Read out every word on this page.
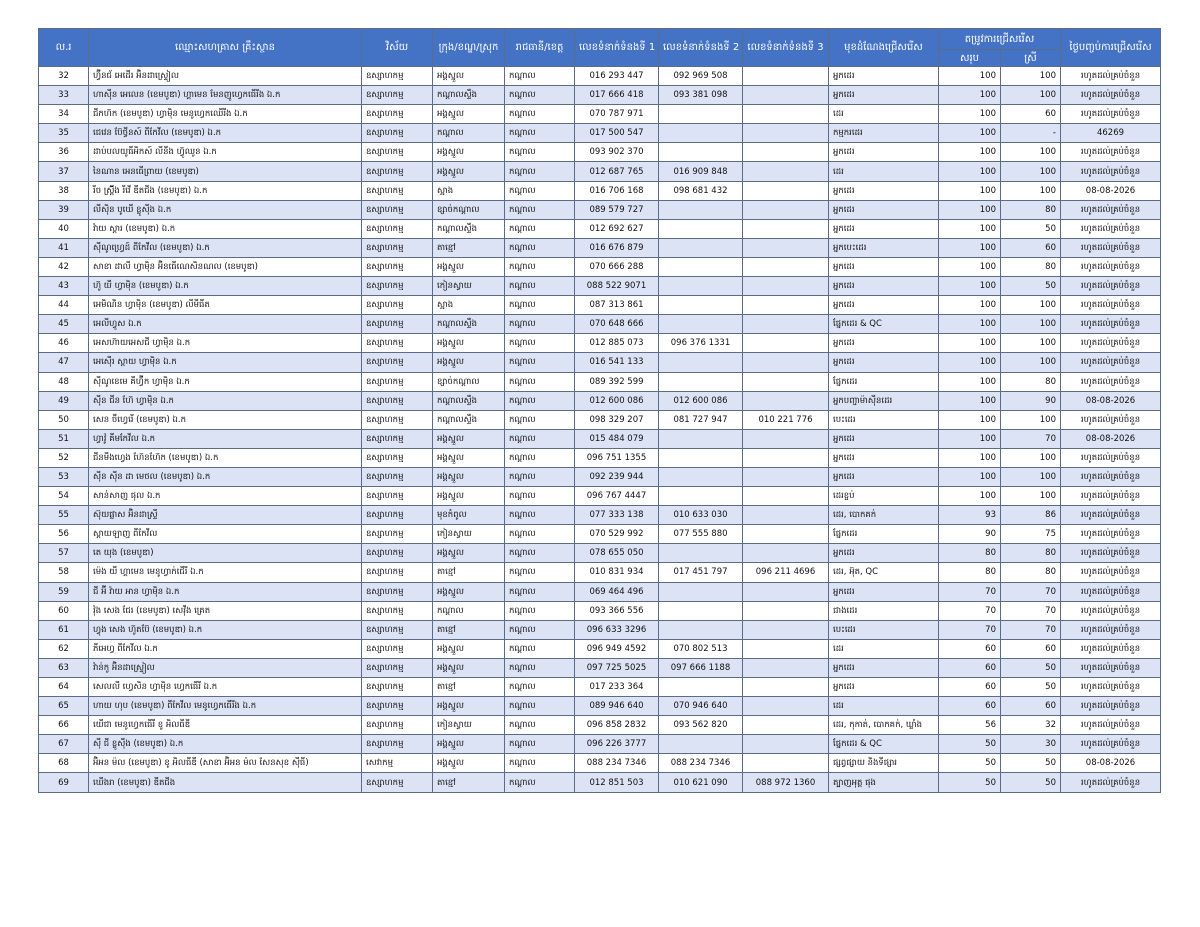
ល.រ	ឈ្មោះសហគ្រាស គ្រឹះស្ថាន	វិស័យ	ក្រុង/ខណ្ឌ/ស្រុក	រាជធានី/ខេត្ត	លេខទំនាក់ទំនងទី 1	លេខទំនាក់ទំនងទី 2	លេខទំនាក់ទំនងទី 3	មុខដំណែងជ្រើសរើស	តម្រូវការជ្រើសរើស		ថ្ងៃបញ្ចប់ការជ្រើសរើស
									សរុប	ស្រី	
32	ហ្វ៊ីនជ័ អេដើរ អ៊ិនដាស្ទ្រៀល	ឧស្សាហកម្ម	អង្គស្នួល	កណ្ដាល	016 293 447	092 969 508		អ្នកដេរ	100	100	រហូតដល់គ្រប់ចំនួន
33	ហាស៊ីន អេលេន (ខេមបូឌា) ហ្គាមេន មែនញូហ្វេកធើរីង ឯ.ក	ឧស្សាហកម្ម	កណ្ដាលស្ទឹង	កណ្ដាល	017 666 418	093 381 098		អ្នកដេរ	100	100	រហូតដល់គ្រប់ចំនួន
34	ជីកហ៊ក (ខេមបូឌា) ហ្វាម៉ិន មេនូហ្វេកឈើរីង ឯ.ក	ឧស្សាហកម្ម	អង្គស្នួល	កណ្ដាល	070 787 971			ដេរ	100	60	រហូតដល់គ្រប់ចំនួន
35	ជេវេន ប៊ែថ្វីនស៍ ពីកែវីល (ខេមបូឌា) ឯ.ក	ឧស្សាហកម្ម	កណ្ដាល	កណ្ដាល	017 500 547			កម្មករដេរ	100	-	46269
36	ដាប់បលយូធីអិកស៍ លីនីង ហ៊្វូឈូន ឯ.ក	ឧស្សាហកម្ម	អង្គស្នួល	កណ្ដាល	093 902 370			អ្នកដេរ	100	100	រហូតដល់គ្រប់ចំនួន
37	នៃណាន អេនធើព្រាយ (ខេមបូឌា)	ឧស្សាហកម្ម	អង្គស្នួល	កណ្ដាល	012 687 765	016 909 848		ដេរ	100	100	រហូតដល់គ្រប់ចំនួន
38	រីច ស៊្រ្តីង រីវើ ឌីតជីង (ខេមបូឌា) ឯ.ក	ឧស្សាហកម្ម	ស្អាង	កណ្ដាល	016 706 168	098 681 432		អ្នកដេរ	100	100	08-08-2026
39	លីស៊ិន បូឃើ ខ្លូស៊ីង ឯ.ក	ឧស្សាហកម្ម	ខ្សាច់កណ្ដាល	កណ្ដាល	089 579 727			អ្នកដេរ	100	80	រហូតដល់គ្រប់ចំនួន
40	វ៉ាយ ស្តារ (ខេមបូឌា) ឯ.ក	ឧស្សាហកម្ម	កណ្ដាលស្ទឹង	កណ្ដាល	012 692 627			អ្នកដេរ	100	50	រហូតដល់គ្រប់ចំនួន
41	ស៊ីណូហ្វ្រេដ៍ ពីកែវីល (ខេមបូឌា) ឯ.ក	ឧស្សាហកម្ម	តាខ្មៅ	កណ្ដាល	016 676 879			អ្នកបេះដេរ	100	60	រហូតដល់គ្រប់ចំនួន
42	សាខា ដាលី ហ្វាម៉ិន អ៊ិនធើណេសិនណល (ខេមបូឌា)	ឧស្សាហកម្ម	អង្គស្នួល	កណ្ដាល	070 666 288			អ្នកដេរ	100	80	រហូតដល់គ្រប់ចំនួន
43	ហ៊ូ យី ហ្វាម៉ិន (ខេមបូឌា) ឯ.ក	ឧស្សាហកម្ម	កៀនស្វាយ	កណ្ដាល	088 522 9071			អ្នកដេរ	100	50	រហូតដល់គ្រប់ចំនួន
44	អេមិណិន ហ្វាម៉ិន (ខេមបូឌា) លីមីធីត	ឧស្សាហកម្ម	ស្អាង	កណ្ដាល	087 313 861			អ្នកដេរ	100	100	រហូតដល់គ្រប់ចំនួន
45	អេលីហ្វូស ឯ.ក	ឧស្សាហកម្ម	កណ្ដាលស្ទឹង	កណ្ដាល	070 648 666			ផ្នែកដេរ & QC	100	100	រហូតដល់គ្រប់ចំនួន
46	អេសហ៊ាយអេសជី ហ្វាម៉ិន ឯ.ក	ឧស្សាហកម្ម	អង្គស្នួល	កណ្ដាល	012 885 073	096 376 1331		អ្នកដេរ	100	100	រហូតដល់គ្រប់ចំនួន
47	អេស៊ើរ ស្ពាយ ហ្វាម៉ិន ឯ.ក	ឧស្សាហកម្ម	អង្គស្នួល	កណ្ដាល	016 541 133			អ្នកដេរ	100	100	រហូតដល់គ្រប់ចំនួន
48	ស៊ីណូខេមេ គីហ្វ៊ីក ហ្វាម៉ិន ឯ.ក	ឧស្សាហកម្ម	ខ្សាច់កណ្ដាល	កណ្ដាល	089 392 599			ផ្នែកដេរ	100	80	រហូតដល់គ្រប់ចំនួន
49	ស៊ីន ជីន ហ៊ែ ហ្វាម៉ិន ឯ.ក	ឧស្សាហកម្ម	កណ្ដាលស្ទឹង	កណ្ដាល	012 600 086	012 600 086		អ្នកបញ្ជាម៉ាស៊ីនដេរ	100	90	08-08-2026
50	សេន ចឺហ្វេរើ (ខេមបូឌា) ឯ.ក	ឧស្សាហកម្ម	កណ្ដាលស្ទឹង	កណ្ដាល	098 329 207	081 727 947	010 221 776	បេះដេរ	100	100	រហូតដល់គ្រប់ចំនួន
51	ហ្វាវ៉ូ គីមកែវីល ឯ.ក	ឧស្សាហកម្ម	អង្គស្នួល	កណ្ដាល	015 484 079			អ្នកដេរ	100	70	08-08-2026
52	ជីនមីងហ្វេង ហ៊ែនហ៊ែក (ខេមបូឌា) ឯ.ក	ឧស្សាហកម្ម	អង្គស្នួល	កណ្ដាល	096 751 1355			អ្នកដេរ	100	100	រហូតដល់គ្រប់ចំនួន
53	ស៊ីន ស៊ីន ដា មេថល (ខេមបូឌា) ឯ.ក	ឧស្សាហកម្ម	អង្គស្នួល	កណ្ដាល	092 239 944			អ្នកដេរ	100	100	រហូតដល់គ្រប់ចំនួន
54	សាន់សាញ ផុល ឯ.ក	ឧស្សាហកម្ម	អង្គស្នួល	កណ្ដាល	096 767 4447			ដេរខ្ចប់	100	100	រហូតដល់គ្រប់ចំនួន
55	ស៊ុយផ្លាស អ៊ិនដាស្រ្ទី	ឧស្សាហកម្ម	មុខកំពូល	កណ្ដាល	077 333 138	010 633 030		ដេរ, បោកគក់	93	86	រហូតដល់គ្រប់ចំនួន
56	ស្តាយឡាញ ពីកែវីល	ឧស្សាហកម្ម	កៀនស្វាយ	កណ្ដាល	070 529 992	077 555 880		ផ្នែកដេរ	90	75	រហូតដល់គ្រប់ចំនួន
57	តេ យុង (ខេមបូឌា)	ឧស្សាហកម្ម	អង្គស្នួល	កណ្ដាល	078 655 050			អ្នកដេរ	80	80	រហូតដល់គ្រប់ចំនួន
58	ម៉េង យី ហ្គាមេន មេនូហ្វាក់ជើរី ឯ.ក	ឧស្សាហកម្ម	តាខ្មៅ	កណ្ដាល	010 831 934	017 451 797	096 211 4696	ដេរ, អ៊ុត, QC	80	80	រហូតដល់គ្រប់ចំនួន
59	ជី អ៊ី វ៉ាយ អាន ហ្វាម៉ិន ឯ.ក	ឧស្សាហកម្ម	អង្គស្នួល	កណ្ដាល	069 464 496			អ្នកដេរ	70	70	រហូតដល់គ្រប់ចំនួន
60	វ៉ុង សេង ជែរ (ខេមបូឌា) សេវ៉ីង គ្រេត	ឧស្សាហកម្ម	កណ្ដាល	កណ្ដាល	093 366 556			ជាងដេរ	70	70	រហូតដល់គ្រប់ចំនួន
61	ហ្វុង សេង ហ៊ូតប៊ែ (ខេមបូឌា) ឯ.ក	ឧស្សាហកម្ម	តាខ្មៅ	កណ្ដាល	096 633 3296			បេះដេរ	70	70	រហូតដល់គ្រប់ចំនួន
62	ភីអេហ្វ ពីកែវីល ឯ.ក	ឧស្សាហកម្ម	អង្គស្នួល	កណ្ដាល	096 949 4592	070 802 513		ដេរ	60	60	រហូតដល់គ្រប់ចំនួន
63	វ៉ាន់កូ អ៊ិនដាស្រ្ទៀល	ឧស្សាហកម្ម	អង្គស្នួល	កណ្ដាល	097 725 5025	097 666 1188		អ្នកដេរ	60	50	រហូតដល់គ្រប់ចំនួន
64	សេលលី ហ្វេសិន ហ្វាម៉ិន ហ្វេកធើរី ឯ.ក	ឧស្សាហកម្ម	តាខ្មៅ	កណ្ដាល	017 233 364			អ្នកដេរ	60	50	រហូតដល់គ្រប់ចំនួន
65	ហាយ ហុប (ខេមបូឌា) ពីកែវីល មេនូហ្វេកធើរីង ឯ.ក	ឧស្សាហកម្ម	អង្គស្នួល	កណ្ដាល	089 946 640	070 946 640		ដេរ	60	60	រហូតដល់គ្រប់ចំនួន
66	យើជា មេនូហ្វេកធើរី ខូ អិលធីឌី	ឧស្សាហកម្ម	កៀនស្វាយ	កណ្ដាល	096 858 2832	093 562 820		ដេរ, កុកាត់, បោកគក់, ឃ្លាំង	56	32	រហូតដល់គ្រប់ចំនួន
67	ស៊ី ជី ខ្លូស៊ីង (ខេមបូឌា) ឯ.ក	ឧស្សាហកម្ម	អង្គស្នួល	កណ្ដាល	096 226 3777			ផ្នែកដេរ & QC	50	30	រហូតដល់គ្រប់ចំនួន
68	អ៊ិអន ម៉ល (ខេមបូឌា) ខូ អិលធីឌី (សាខា អ៊ិអន ម៉ល សែនសុខ ស៊ីធី)	សេវាកម្ម	អង្គស្នួល	កណ្ដាល	088 234 7346	088 234 7346		ផ្សព្វផ្សាយ និងទីផ្សារ	50	50	08-08-2026
69	ឃើងរា (ខេមបូឌា) ឌីតជីង	ឧស្សាហកម្ម	តាខ្មៅ	កណ្ដាល	012 851 503	010 621 090	088 972 1360	ត្បាញអុត្ត ផុង	50	50	រហូតដល់គ្រប់ចំនួន
